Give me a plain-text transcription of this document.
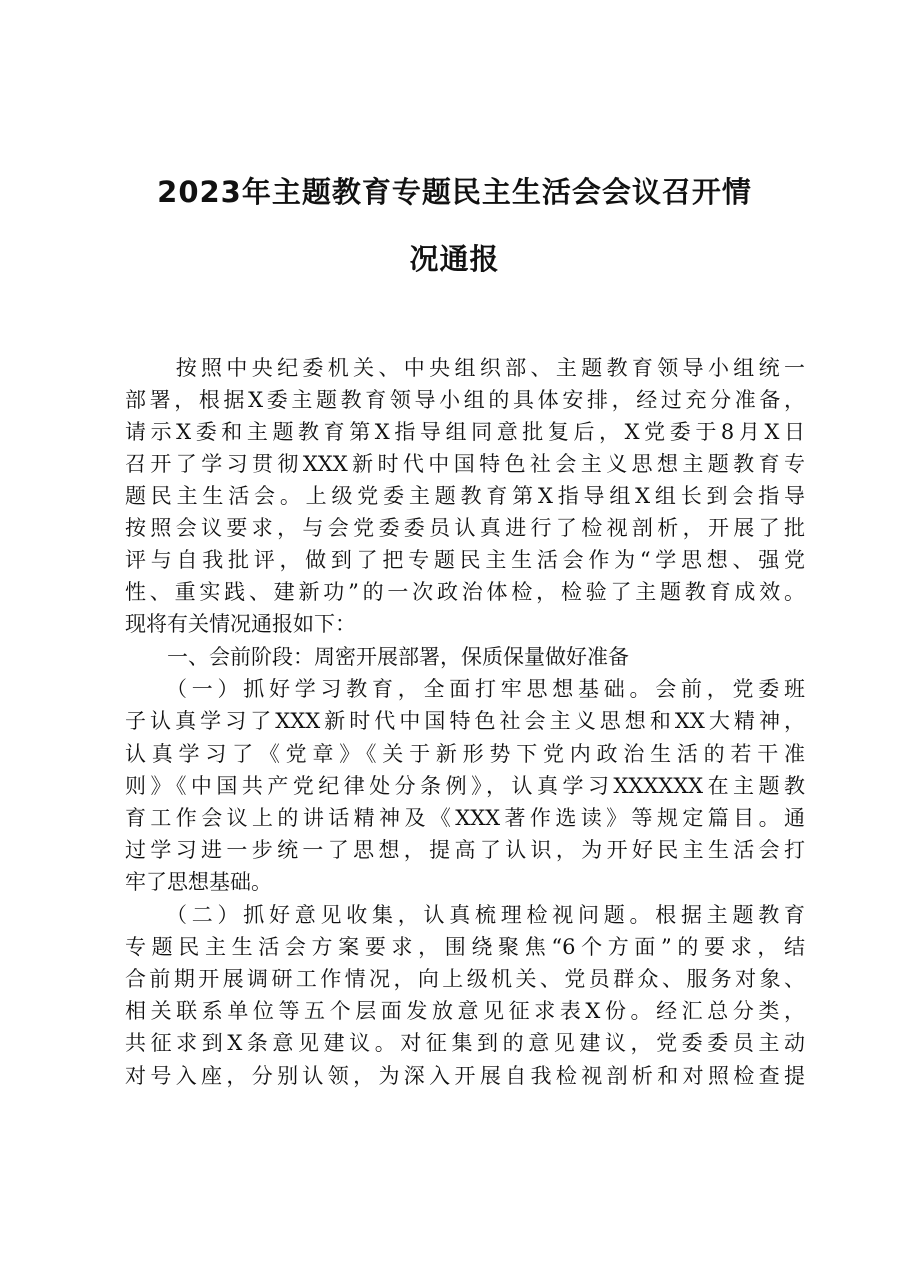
2023年主题教育专题民主生活会会议召开情
况通报
　　按照中央纪委机关、中央组织部、主题教育领导小组统一
部署，根据X委主题教育领导小组的具体安排，经过充分准备，
请示X委和主题教育第X指导组同意批复后，X党委于8月X日
召开了学习贯彻XXX新时代中国特色社会主义思想主题教育专
题民主生活会。上级党委主题教育第X指导组X组长到会指导
按照会议要求，与会党委委员认真进行了检视剖析，开展了批
评与自我批评，做到了把专题民主生活会作为“学思想、强党
性、重实践、建新功”的一次政治体检，检验了主题教育成效。
现将有关情况通报如下：
　　一、会前阶段：周密开展部署，保质保量做好准备
　　（一）抓好学习教育，全面打牢思想基础。会前，党委班
子认真学习了XXX新时代中国特色社会主义思想和XX大精神，
认真学习了《党章》《关于新形势下党内政治生活的若干准
则》《中国共产党纪律处分条例》，认真学习XXXXXX在主题教
育工作会议上的讲话精神及《XXX著作选读》等规定篇目。通
过学习进一步统一了思想，提高了认识，为开好民主生活会打
牢了思想基础。
　　（二）抓好意见收集，认真梳理检视问题。根据主题教育
专题民主生活会方案要求，围绕聚焦“6个方面”的要求，结
合前期开展调研工作情况，向上级机关、党员群众、服务对象、
相关联系单位等五个层面发放意见征求表X份。经汇总分类，
共征求到X条意见建议。对征集到的意见建议，党委委员主动
对号入座，分别认领，为深入开展自我检视剖析和对照检查提
